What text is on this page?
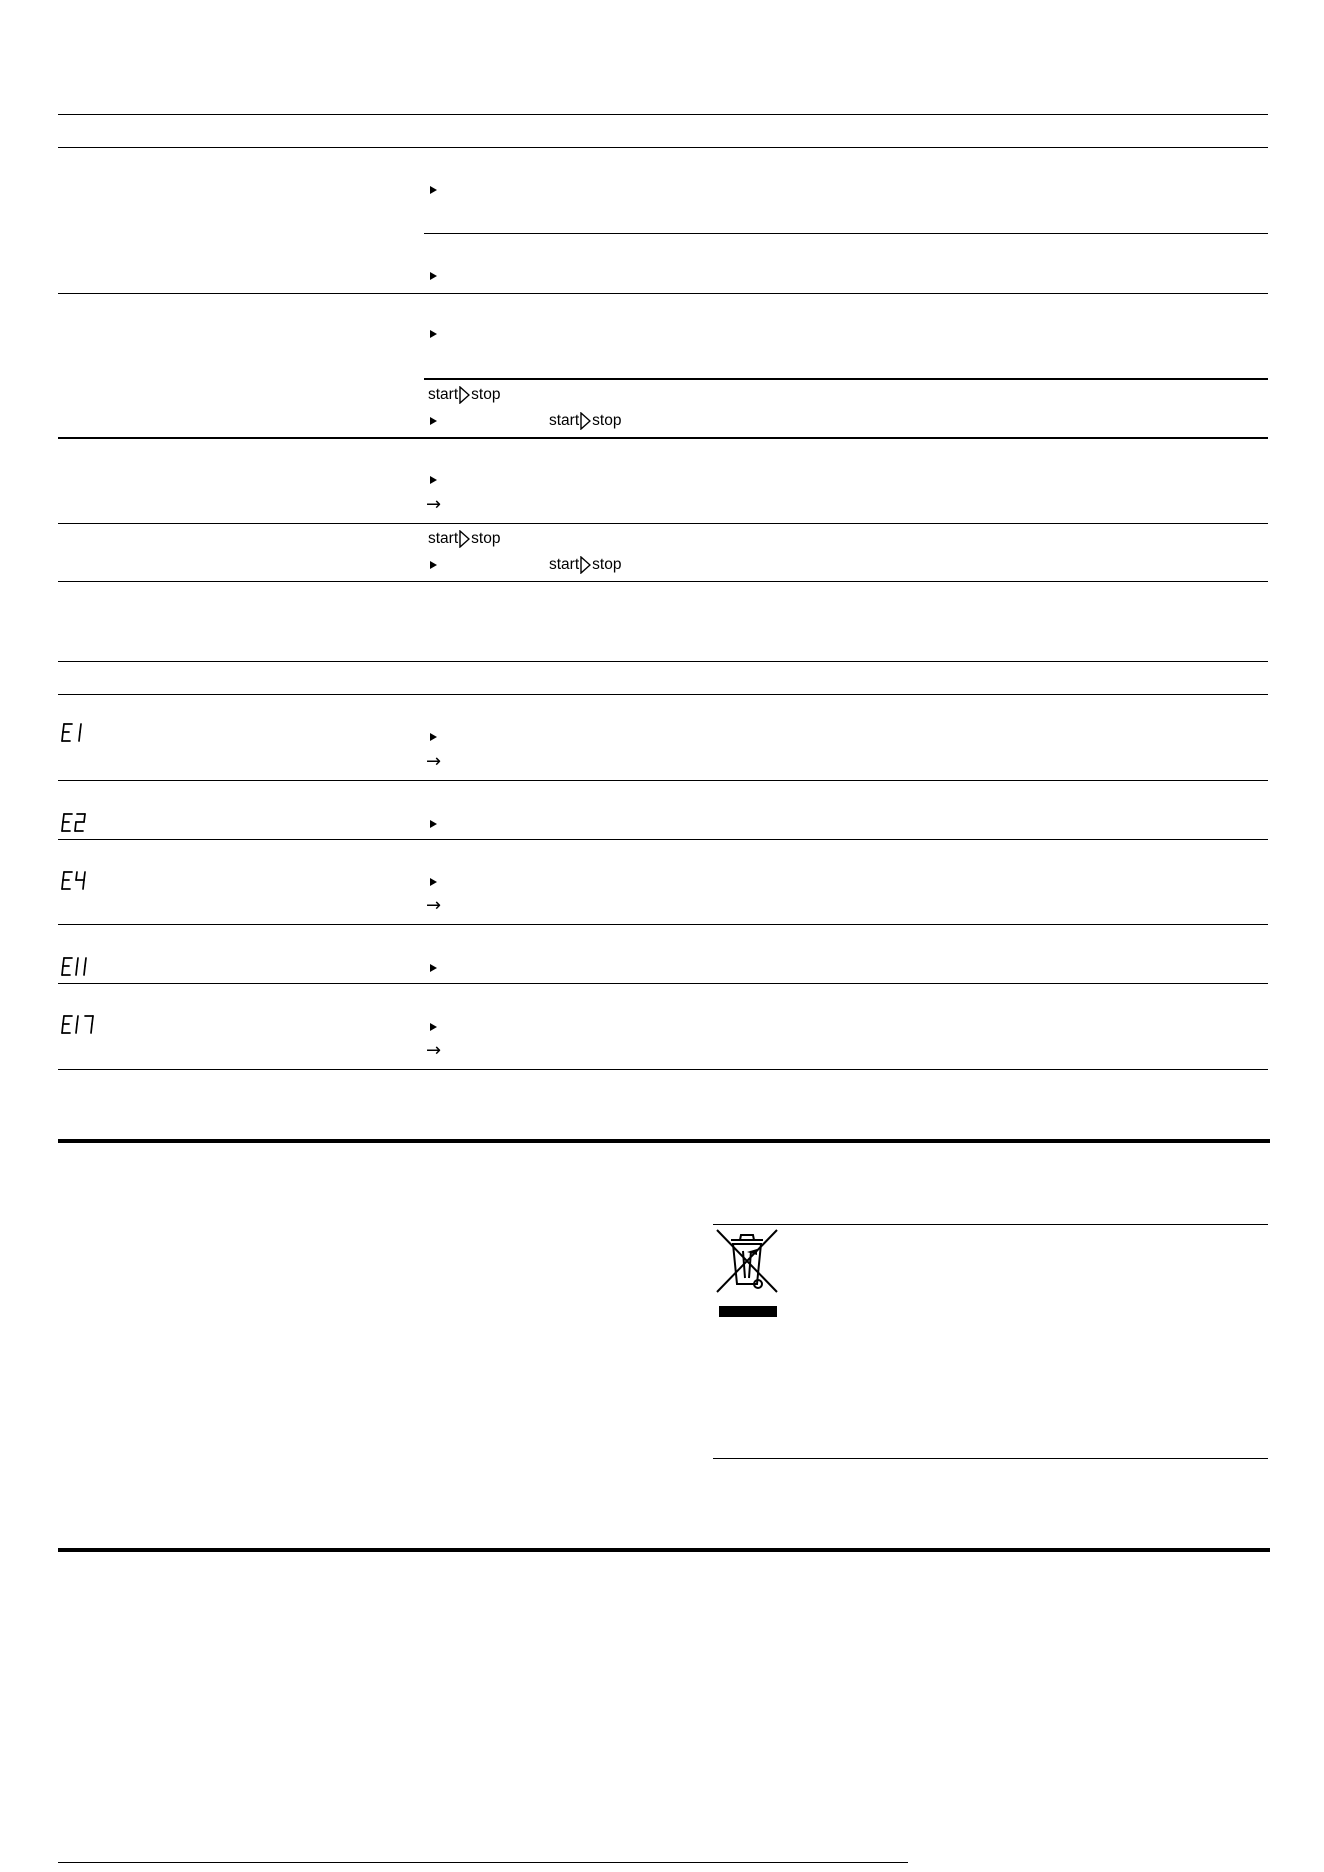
start stop
start stop
→
start stop
start stop
→
→
→
